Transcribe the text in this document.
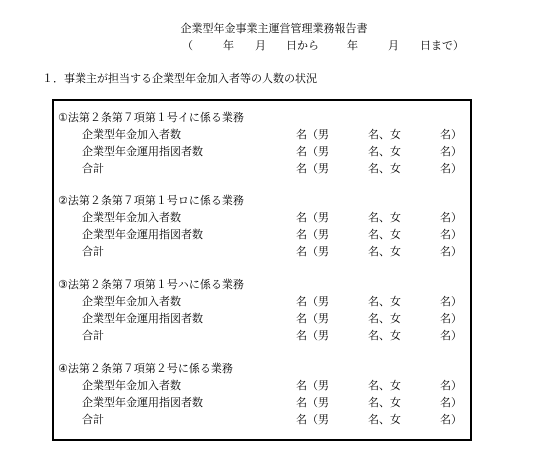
企業型年金事業主運営管理業務報告書
（	年 月 日から	年	月 日まで）
１．事業主が担当する企業型年金加入者等の人数の状況
①法第２条第７項第１号イに係る業務
企業型年金加入者数	名（男	名、女	名）
企業型年金運用指図者数	名（男	名、女	名）
合計	名（男	名、女	名）
②法第２条第７項第１号ロに係る業務
企業型年金加入者数	名（男	名、女	名）
企業型年金運用指図者数	名（男	名、女	名）
合計	名（男	名、女	名）
③法第２条第７項第１号ハに係る業務
企業型年金加入者数	名（男	名、女	名）
企業型年金運用指図者数	名（男	名、女	名）
合計	名（男	名、女	名）
④法第２条第７項第２号に係る業務
企業型年金加入者数	名（男	名、女	名）
企業型年金運用指図者数	名（男	名、女	名）
合計	名（男	名、女	名）
